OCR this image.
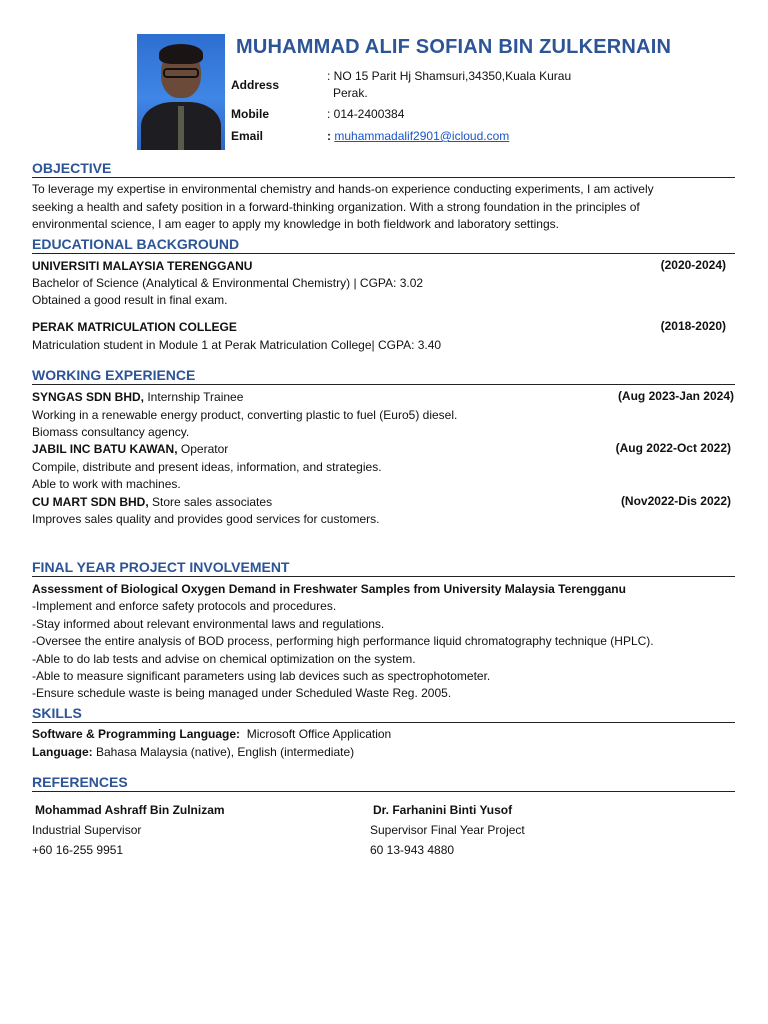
MUHAMMAD ALIF SOFIAN BIN ZULKERNAIN
Address
: NO 15 Parit Hj Shamsuri,34350,Kuala Kurau
Perak.
Mobile	: 014-2400384
Email	: muhammadalif2901@icloud.com
OBJECTIVE
To leverage my expertise in environmental chemistry and hands-on experience conducting experiments, I am actively
seeking a health and safety position in a forward-thinking organization. With a strong foundation in the principles of
environmental science, I am eager to apply my knowledge in both fieldwork and laboratory settings.
EDUCATIONAL BACKGROUND
UNIVERSITI MALAYSIA TERENGGANU	(2020-2024)
Bachelor of Science (Analytical & Environmental Chemistry) | CGPA: 3.02
Obtained a good result in final exam.
PERAK MATRICULATION COLLEGE	(2018-2020)
Matriculation student in Module 1 at Perak Matriculation College| CGPA: 3.40
WORKING EXPERIENCE
SYNGAS SDN BHD, Internship Trainee	(Aug 2023-Jan 2024)
Working in a renewable energy product, converting plastic to fuel (Euro5) diesel.
Biomass consultancy agency.
JABIL INC BATU KAWAN, Operator	(Aug 2022-Oct 2022)
Compile, distribute and present ideas, information, and strategies.
Able to work with machines.
CU MART SDN BHD, Store sales associates	(Nov2022-Dis 2022)
Improves sales quality and provides good services for customers.
FINAL YEAR PROJECT INVOLVEMENT
Assessment of Biological Oxygen Demand in Freshwater Samples from University Malaysia Terengganu
-Implement and enforce safety protocols and procedures.
-Stay informed about relevant environmental laws and regulations.
-Oversee the entire analysis of BOD process, performing high performance liquid chromatography technique (HPLC).
-Able to do lab tests and advise on chemical optimization on the system.
-Able to measure significant parameters using lab devices such as spectrophotometer.
-Ensure schedule waste is being managed under Scheduled Waste Reg. 2005.
SKILLS
Software & Programming Language:  Microsoft Office Application
Language: Bahasa Malaysia (native), English (intermediate)
REFERENCES
Mohammad Ashraff Bin Zulnizam
Industrial Supervisor
+60 16-255 9951
Dr. Farhanini Binti Yusof
Supervisor Final Year Project
60 13-943 4880
